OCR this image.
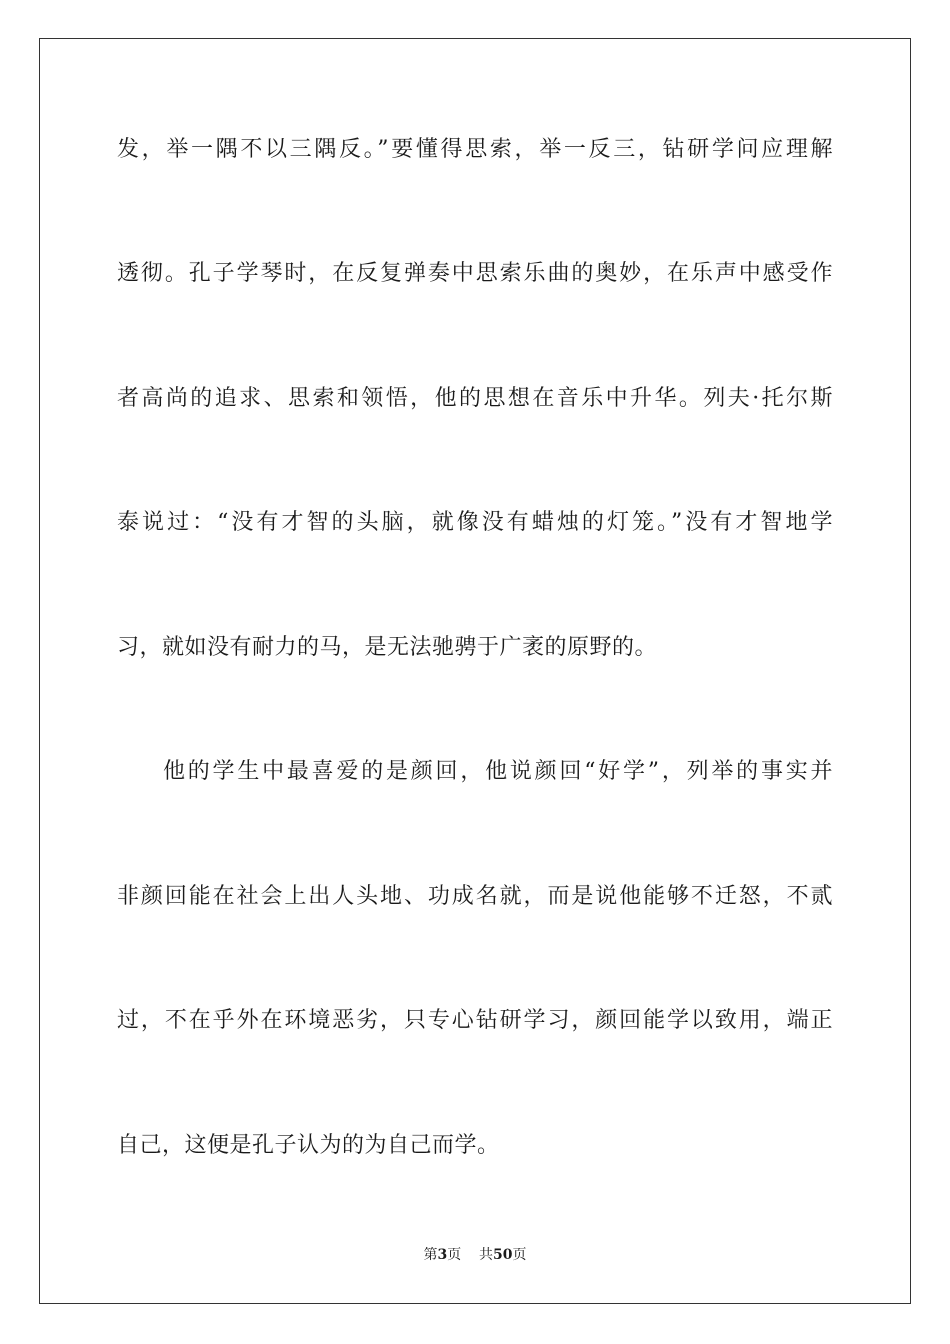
发，举一隅不以三隅反。”要懂得思索，举一反三，钻研学问应理解
透彻。孔子学琴时，在反复弹奏中思索乐曲的奥妙，在乐声中感受作
者高尚的追求、思索和领悟，他的思想在音乐中升华。列夫·托尔斯
泰说过：“没有才智的头脑，就像没有蜡烛的灯笼。”没有才智地学
习，就如没有耐力的马，是无法驰骋于广袤的原野的。
他的学生中最喜爱的是颜回，他说颜回“好学”，列举的事实并
非颜回能在社会上出人头地、功成名就，而是说他能够不迁怒，不贰
过，不在乎外在环境恶劣，只专心钻研学习，颜回能学以致用，端正
自己，这便是孔子认为的为自己而学。
第3页 共50页
